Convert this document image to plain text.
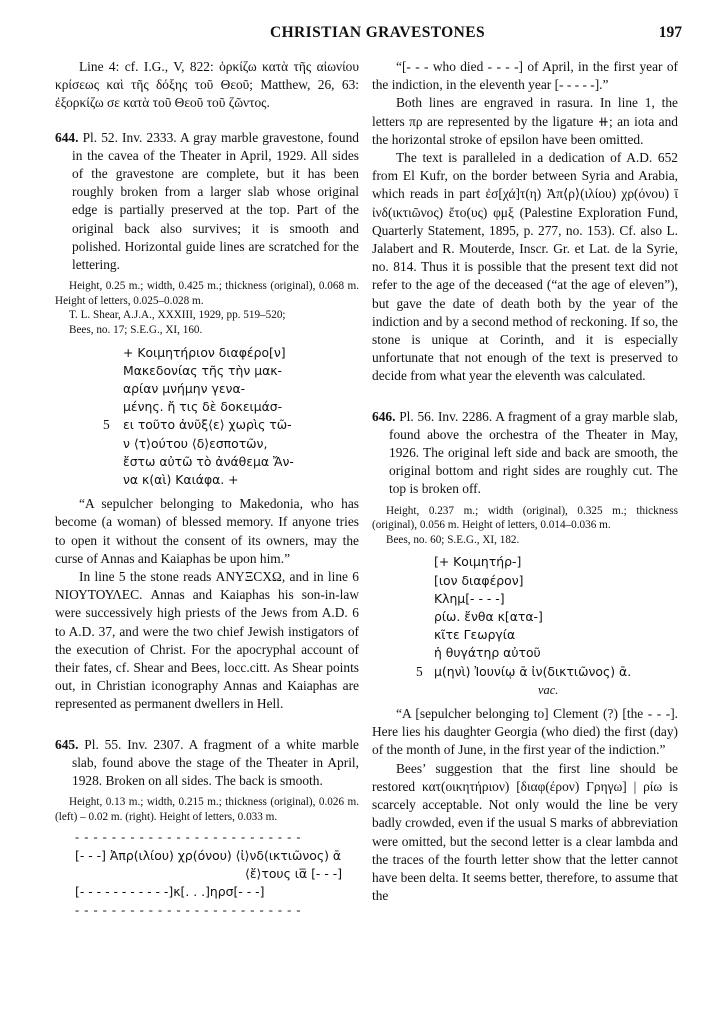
CHRISTIAN GRAVESTONES	197

Line 4: cf. I.G., V, 822: ὁρκίζω κατὰ τῆς αἰωνίου κρίσεως καὶ τῆς δόξης τοῦ Θεοῦ; Matthew, 26, 63: ἐξορκίζω σε κατὰ τοῦ Θεοῦ τοῦ ζῶντος.

644. Pl. 52. Inv. 2333. A gray marble gravestone, found in the cavea of the Theater in April, 1929. All sides of the gravestone are complete, but it has been roughly broken from a larger slab whose original edge is partially preserved at the top. Part of the original back also survives; it is smooth and polished. Horizontal guide lines are scratched for the lettering.

Height, 0.25 m.; width, 0.425 m.; thickness (original), 0.068 m. Height of letters, 0.025–0.028 m.

T. L. Shear, A.J.A., XXXIII, 1929, pp. 519–520;

Bees, no. 17; S.E.G., XI, 160.

+ Κοιμητήριον διαφέρο[ν]
Μακεδονίας τῆς τὴν μακ-
αρίαν μνήμην γενα-
μένης. ἤ τις δὲ δοκειμάσ-
5 ει τοῦτο ἀνῦξ⟨ε⟩ χωρὶς τῶ-
ν ⟨τ⟩ούτου ⟨δ⟩εσποτῶν,
ἔστω αὐτῶ τὸ ἀνάθεμα Ἄν-
να κ(αὶ) Καιάφα. +

“A sepulcher belonging to Makedonia, who has become (a woman) of blessed memory. If anyone tries to open it without the consent of its owners, may the curse of Annas and Kaiaphas be upon him.”

In line 5 the stone reads ΑΝΥΞϹΧΩ, and in line 6 ΝΙΟΥΤΟΥΛΕϹ. Annas and Kaiaphas his son-in-law were successively high priests of the Jews from A.D. 6 to A.D. 37, and were the two chief Jewish instigators of the execution of Christ. For the apocryphal account of their fates, cf. Shear and Bees, locc.citt. As Shear points out, in Christian iconography Annas and Kaiaphas are represented as permanent dwellers in Hell.

645. Pl. 55. Inv. 2307. A fragment of a white marble slab, found above the stage of the Theater in April, 1928. Broken on all sides. The back is smooth.

Height, 0.13 m.; width, 0.215 m.; thickness (original), 0.026 m. (left) – 0.02 m. (right). Height of letters, 0.033 m.

- - - - - - - - - - - - - - - - - - - - - - - - -
[- - -] Ἀπρ(ιλίου) χρ(όνου) ⟨ἰ⟩νδ(ικτιῶνος) ᾱ
⟨ἔ⟩τους ια̅ [- - -]
[- - - - - - - - - - -]κ[. . .]ηρσ[- - -]
- - - - - - - - - - - - - - - - - - - - - - - - -

“[- - - who died - - - -] of April, in the first year of the indiction, in the eleventh year [- - - - -].”

Both lines are engraved in rasura. In line 1, the letters πρ are represented by the ligature ⧺; an iota and the horizontal stroke of epsilon have been omitted.

The text is paralleled in a dedication of A.D. 652 from El Kufr, on the border between Syria and Arabia, which reads in part ἐσ[χά]τ(η) Ἀπ⟨ρ⟩(ιλίου) χρ(όνου) ῑ ἰνδ(ικτιῶνος) ἔτο(υς) φμξ (Palestine Exploration Fund, Quarterly Statement, 1895, p. 277, no. 153). Cf. also L. Jalabert and R. Mouterde, Inscr. Gr. et Lat. de la Syrie, no. 814. Thus it is possible that the present text did not refer to the age of the deceased (“at the age of eleven”), but gave the date of death both by the year of the indiction and by a second method of reckoning. If so, the stone is unique at Corinth, and it is especially unfortunate that not enough of the text is preserved to decide from what year the eleventh was calculated.

646. Pl. 56. Inv. 2286. A fragment of a gray marble slab, found above the orchestra of the Theater in May, 1926. The original left side and back are smooth, the original bottom and right sides are roughly cut. The top is broken off.

Height, 0.237 m.; width (original), 0.325 m.; thickness (original), 0.056 m. Height of letters, 0.014–0.036 m.

Bees, no. 60; S.E.G., XI, 182.

[+ Κοιμητήρ-]
[ιον διαφέρον]
Κλημ[- - - -]
ρίω. ἔνθα κ[ατα-]
κῖτε Γεωργία
ἡ θυγάτηρ αὐτοῦ
5 μ(ηνὶ) Ἰουνίῳ ᾱ ἰν(δικτιῶνος) ᾱ.
vac.

“A [sepulcher belonging to] Clement (?) [the - - -]. Here lies his daughter Georgia (who died) the first (day) of the month of June, in the first year of the indiction.”

Bees’ suggestion that the first line should be restored κατ(οικητήριον) [διαφ(έρον) Γρηγω] | ρίω is scarcely acceptable. Not only would the line be very badly crowded, even if the usual S marks of abbreviation were omitted, but the second letter is a clear lambda and the traces of the fourth letter show that the letter cannot have been delta. It seems better, therefore, to assume that the
